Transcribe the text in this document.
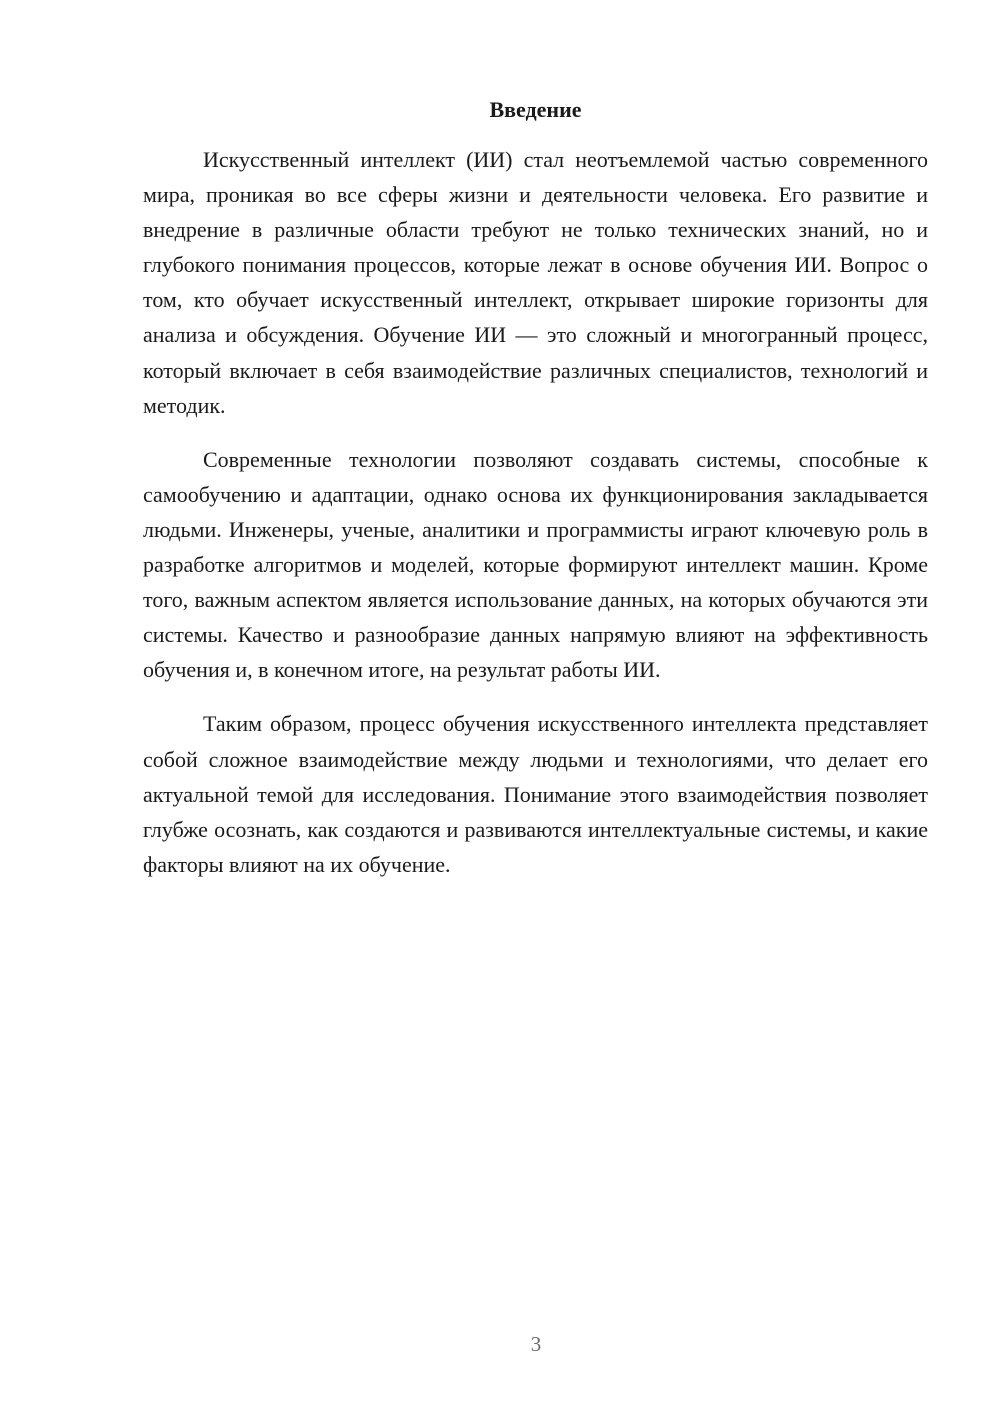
Введение

Искусственный интеллект (ИИ) стал неотъемлемой частью современного мира, проникая во все сферы жизни и деятельности человека. Его развитие и внедрение в различные области требуют не только технических знаний, но и глубокого понимания процессов, которые лежат в основе обучения ИИ. Вопрос о том, кто обучает искусственный интеллект, открывает широкие горизонты для анализа и обсуждения. Обучение ИИ — это сложный и многогранный процесс, который включает в себя взаимодействие различных специалистов, технологий и методик.

Современные технологии позволяют создавать системы, способные к самообучению и адаптации, однако основа их функционирования закладывается людьми. Инженеры, ученые, аналитики и программисты играют ключевую роль в разработке алгоритмов и моделей, которые формируют интеллект машин. Кроме того, важным аспектом является использование данных, на которых обучаются эти системы. Качество и разнообразие данных напрямую влияют на эффективность обучения и, в конечном итоге, на результат работы ИИ.

Таким образом, процесс обучения искусственного интеллекта представляет собой сложное взаимодействие между людьми и технологиями, что делает его актуальной темой для исследования. Понимание этого взаимодействия позволяет глубже осознать, как создаются и развиваются интеллектуальные системы, и какие факторы влияют на их обучение.

3
